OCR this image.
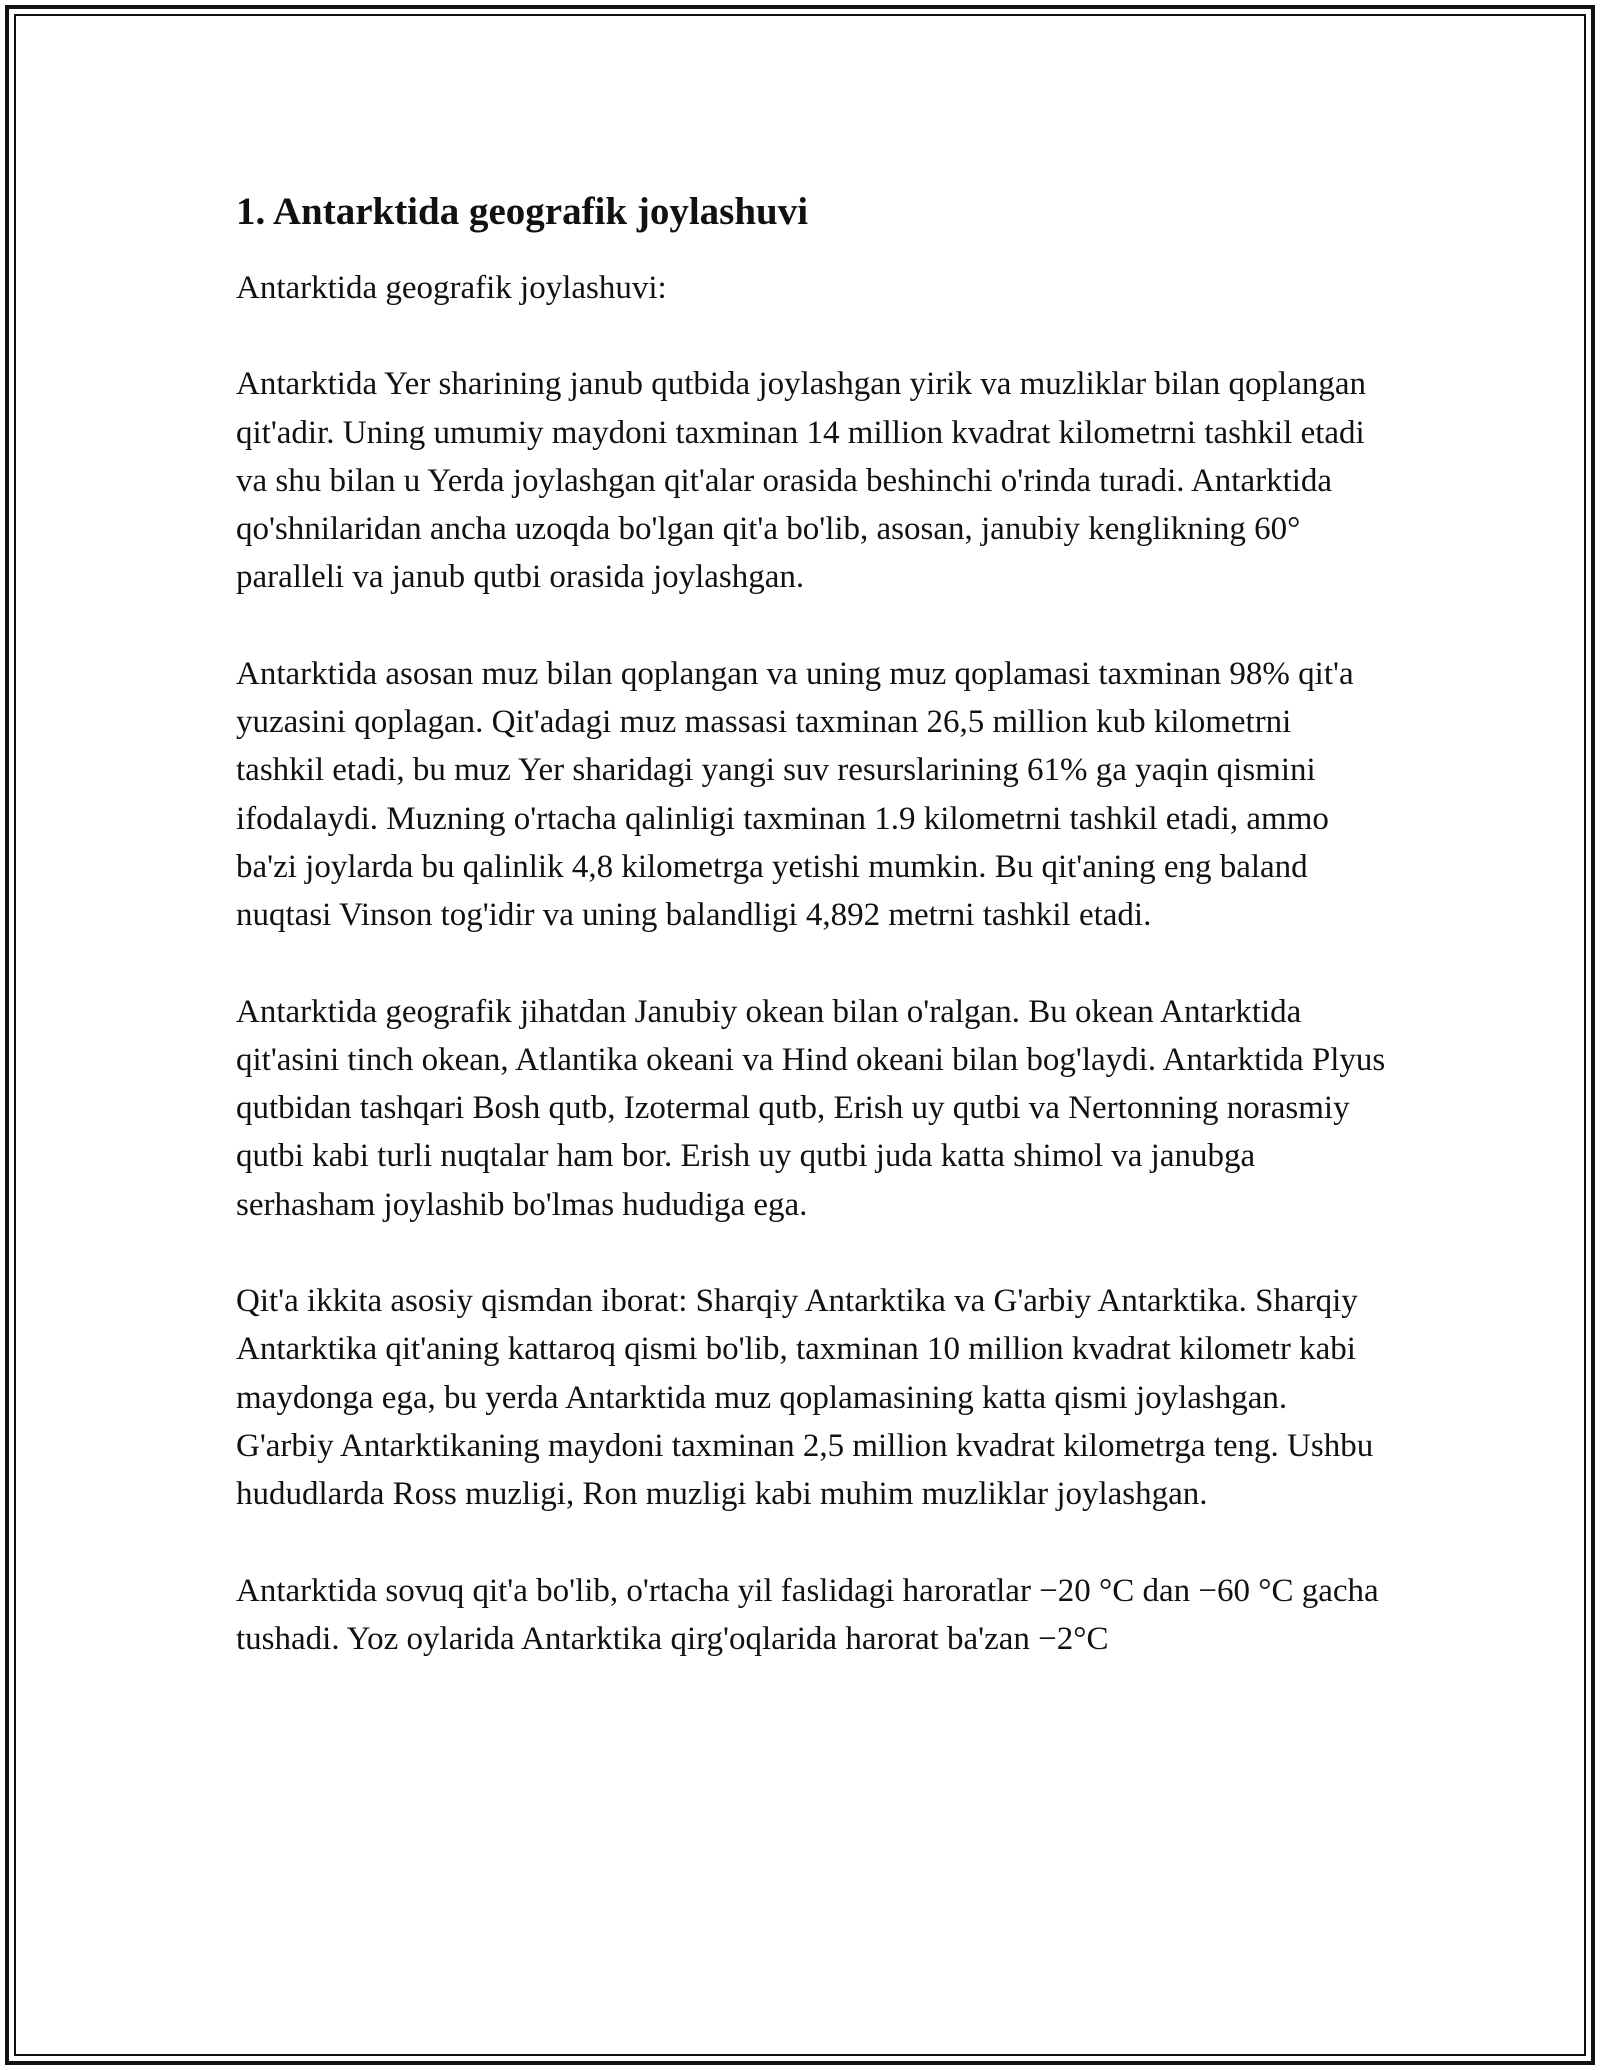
1. Antarktida geografik joylashuvi

Antarktida geografik joylashuvi:

Antarktida Yer sharining janub qutbida joylashgan yirik va muzliklar bilan qoplangan qit'adir. Uning umumiy maydoni taxminan 14 million kvadrat kilometrni tashkil etadi va shu bilan u Yerda joylashgan qit'alar orasida beshinchi o'rinda turadi. Antarktida qo'shnilaridan ancha uzoqda bo'lgan qit'a bo'lib, asosan, janubiy kenglikning 60° paralleli va janub qutbi orasida joylashgan.

Antarktida asosan muz bilan qoplangan va uning muz qoplamasi taxminan 98% qit'a yuzasini qoplagan. Qit'adagi muz massasi taxminan 26,5 million kub kilometrni tashkil etadi, bu muz Yer sharidagi yangi suv resurslarining 61% ga yaqin qismini ifodalaydi. Muzning o'rtacha qalinligi taxminan 1.9 kilometrni tashkil etadi, ammo ba'zi joylarda bu qalinlik 4,8 kilometrga yetishi mumkin. Bu qit'aning eng baland nuqtasi Vinson tog'idir va uning balandligi 4,892 metrni tashkil etadi.

Antarktida geografik jihatdan Janubiy okean bilan o'ralgan. Bu okean Antarktida qit'asini tinch okean, Atlantika okeani va Hind okeani bilan bog'laydi. Antarktida Plyus qutbidan tashqari Bosh qutb, Izotermal qutb, Erish uy qutbi va Nertonning norasmiy qutbi kabi turli nuqtalar ham bor. Erish uy qutbi juda katta shimol va janubga serhasham joylashib bo'lmas hududiga ega.

Qit'a ikkita asosiy qismdan iborat: Sharqiy Antarktika va G'arbiy Antarktika. Sharqiy Antarktika qit'aning kattaroq qismi bo'lib, taxminan 10 million kvadrat kilometr kabi maydonga ega, bu yerda Antarktida muz qoplamasining katta qismi joylashgan. G'arbiy Antarktikaning maydoni taxminan 2,5 million kvadrat kilometrga teng. Ushbu hududlarda Ross muzligi, Ron muzligi kabi muhim muzliklar joylashgan.

Antarktida sovuq qit'a bo'lib, o'rtacha yil faslidagi haroratlar −20 °C dan −60 °C gacha tushadi. Yoz oylarida Antarktika qirg'oqlarida harorat ba'zan −2°C
